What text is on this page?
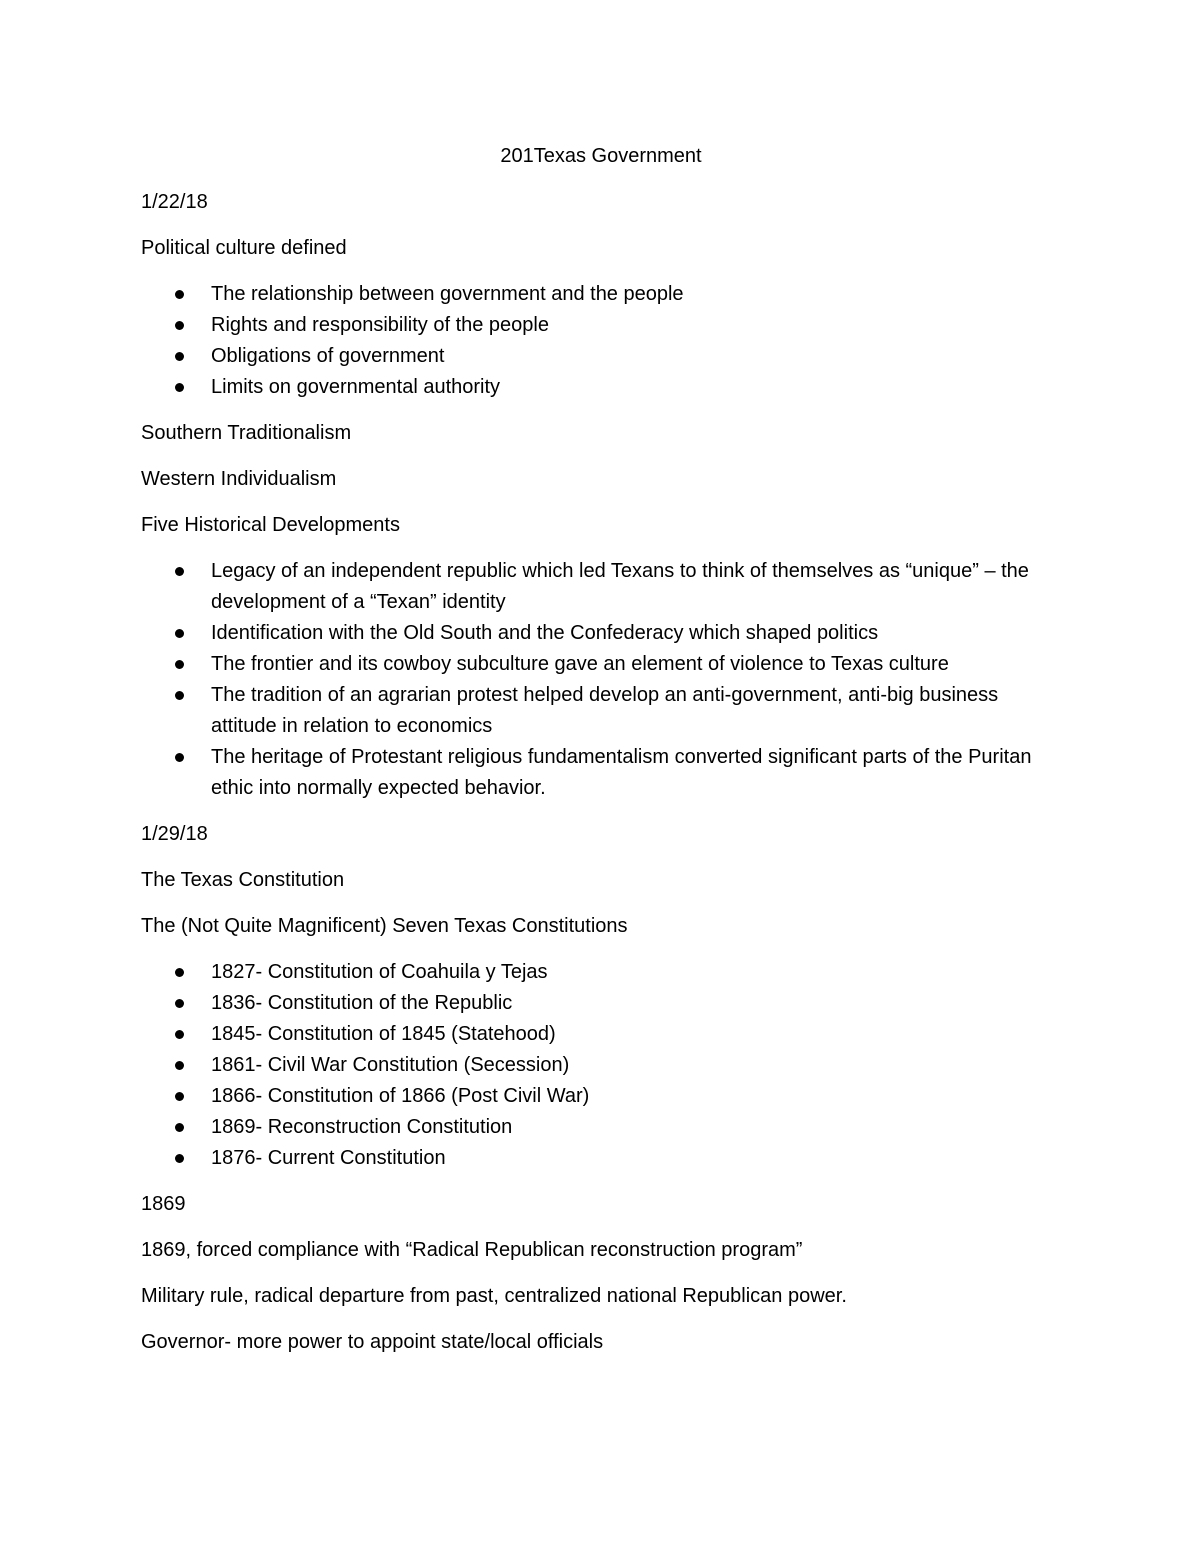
201Texas Government
1/22/18
Political culture defined
The relationship between government and the people
Rights and responsibility of the people
Obligations of government
Limits on governmental authority
Southern Traditionalism
Western Individualism
Five Historical Developments
Legacy of an independent republic which led Texans to think of themselves as “unique” – the development of a “Texan” identity
Identification with the Old South and the Confederacy which shaped politics
The frontier and its cowboy subculture gave an element of violence to Texas culture
The tradition of an agrarian protest helped develop an anti-government, anti-big business attitude in relation to economics
The heritage of Protestant religious fundamentalism converted significant parts of the Puritan ethic into normally expected behavior.
1/29/18
The Texas Constitution
The (Not Quite Magnificent) Seven Texas Constitutions
1827- Constitution of Coahuila y Tejas
1836- Constitution of the Republic
1845- Constitution of 1845 (Statehood)
1861- Civil War Constitution (Secession)
1866- Constitution of 1866 (Post Civil War)
1869- Reconstruction Constitution
1876- Current Constitution
1869
1869, forced compliance with “Radical Republican reconstruction program”
Military rule, radical departure from past, centralized national Republican power.
Governor- more power to appoint state/local officials
